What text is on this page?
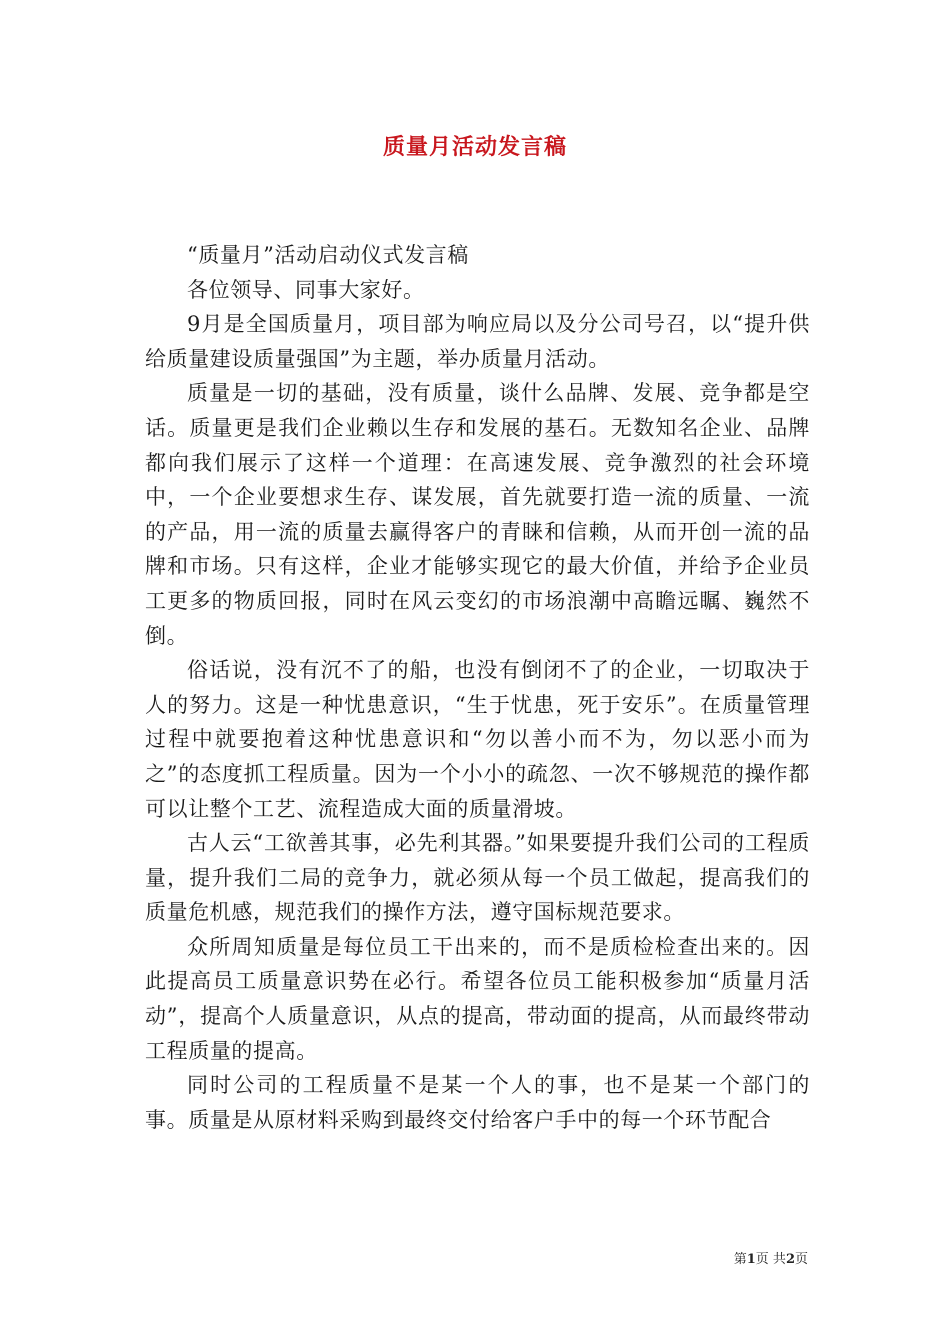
质量月活动发言稿

“质量月”活动启动仪式发言稿

各位领导、同事大家好。

9月是全国质量月，项目部为响应局以及分公司号召，以“提升供给质量建设质量强国”为主题，举办质量月活动。

质量是一切的基础，没有质量，谈什么品牌、发展、竞争都是空话。质量更是我们企业赖以生存和发展的基石。无数知名企业、品牌都向我们展示了这样一个道理：在高速发展、竞争激烈的社会环境中，一个企业要想求生存、谋发展，首先就要打造一流的质量、一流的产品，用一流的质量去赢得客户的青睐和信赖，从而开创一流的品牌和市场。只有这样，企业才能够实现它的最大价值，并给予企业员工更多的物质回报，同时在风云变幻的市场浪潮中高瞻远瞩、巍然不倒。

俗话说，没有沉不了的船，也没有倒闭不了的企业，一切取决于人的努力。这是一种忧患意识，“生于忧患，死于安乐”。在质量管理过程中就要抱着这种忧患意识和“勿以善小而不为，勿以恶小而为之”的态度抓工程质量。因为一个小小的疏忽、一次不够规范的操作都可以让整个工艺、流程造成大面的质量滑坡。

古人云“工欲善其事，必先利其器。”如果要提升我们公司的工程质量，提升我们二局的竞争力，就必须从每一个员工做起，提高我们的质量危机感，规范我们的操作方法，遵守国标规范要求。

众所周知质量是每位员工干出来的，而不是质检检查出来的。因此提高员工质量意识势在必行。希望各位员工能积极参加“质量月活动”，提高个人质量意识，从点的提高，带动面的提高，从而最终带动工程质量的提高。

同时公司的工程质量不是某一个人的事，也不是某一个部门的事。质量是从原材料采购到最终交付给客户手中的每一个环节配合

第1页 共2页
